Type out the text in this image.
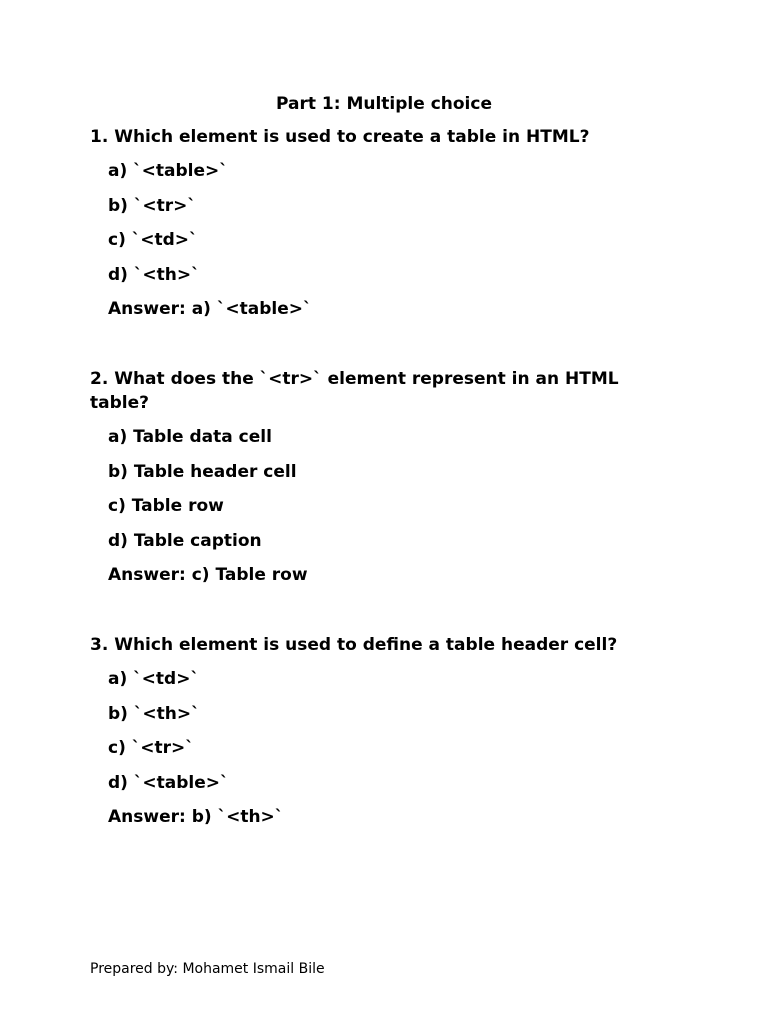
Part 1: Multiple choice

1. Which element is used to create a table in HTML?

a) `<table>`
b) `<tr>`
c) `<td>`
d) `<th>`
Answer: a) `<table>`

2. What does the `<tr>` element represent in an HTML table?

a) Table data cell
b) Table header cell
c) Table row
d) Table caption
Answer: c) Table row

3. Which element is used to define a table header cell?

a) `<td>`
b) `<th>`
c) `<tr>`
d) `<table>`
Answer: b) `<th>`
Prepared by: Mohamet Ismail Bile
